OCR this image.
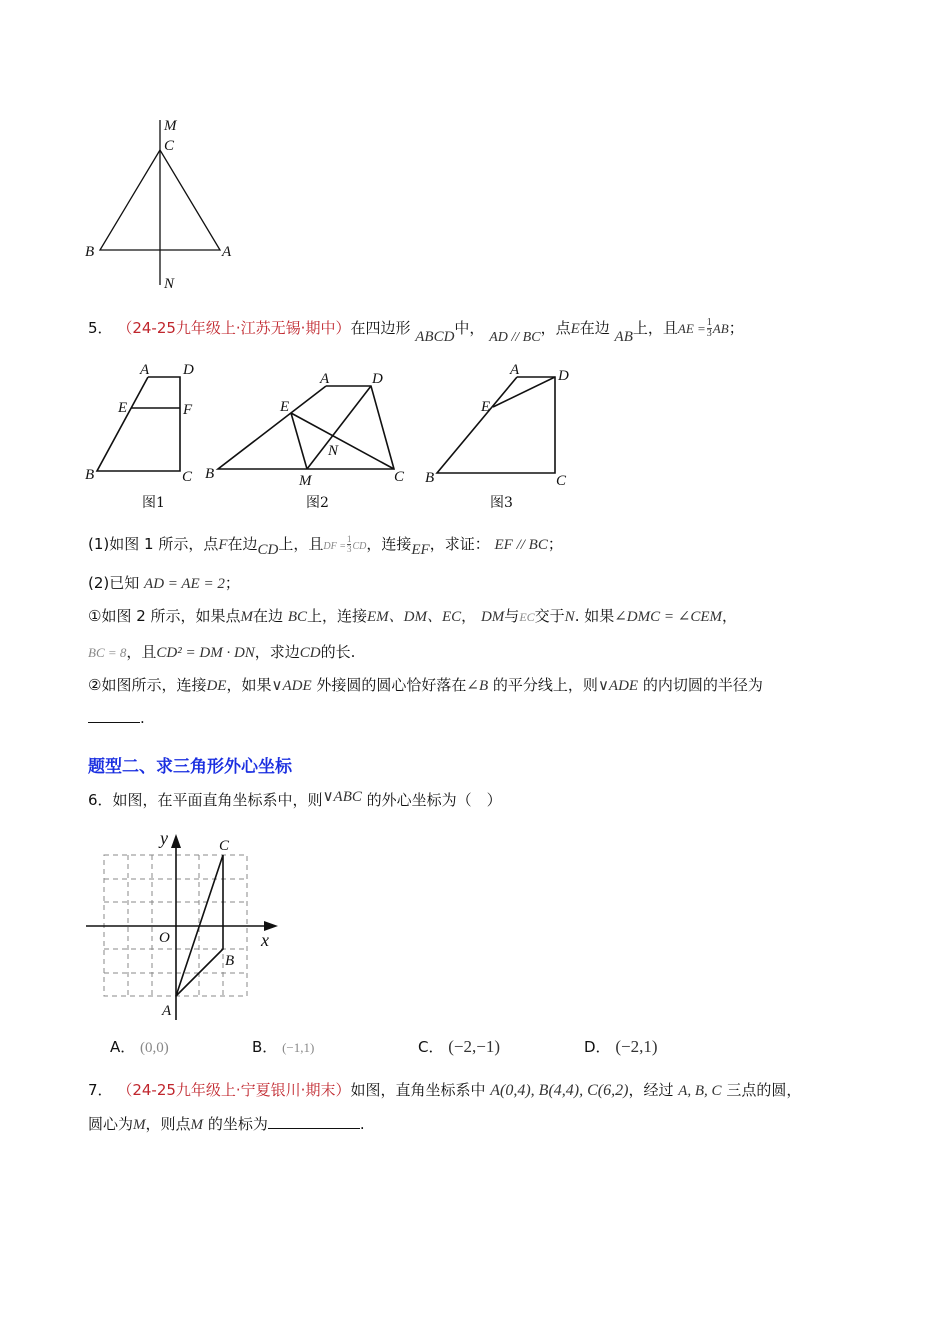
M
C
B	A
N
5． （24-25九年级上·江苏无锡·期中）在四边形 ABCD中， AD // BC，点E在边 AB上，且AE = $\frac{1}{3}$ AB；
A D
E	F
B	C
图1
A	D
E
N
B	M	C
图2
A	D
E
B	C
图3
(1)如图 1 所示，点F在边CD上，且DF = $\frac{1}{3}$ CD，连接EF，求证： EF // BC；
(2)已知 AD = AE = 2；
①如图 2 所示，如果点M在边 BC上，连接EM、DM、EC， DM与EC交于N. 如果∠DMC = ∠CEM，
BC = 8，且CD² = DM · DN，求边CD的长.
②如图所示，连接DE，如果∨ADE 外接圆的圆心恰好落在∠B 的平分线上，则∨ADE 的内切圆的半径为
.
题型二、求三角形外心坐标
6．如图，在平面直角坐标系中，则∨ABC 的外心坐标为（　）
y
x
O
C
B
A
A． (0,0)	B． (−1,1)	C． (−2,−1)	D． (−2,1)
7． （24-25九年级上·宁夏银川·期末）如图，直角坐标系中 A(0,4), B(4,4), C(6,2)，经过 A, B, C 三点的圆，
圆心为M，则点M 的坐标为	.
